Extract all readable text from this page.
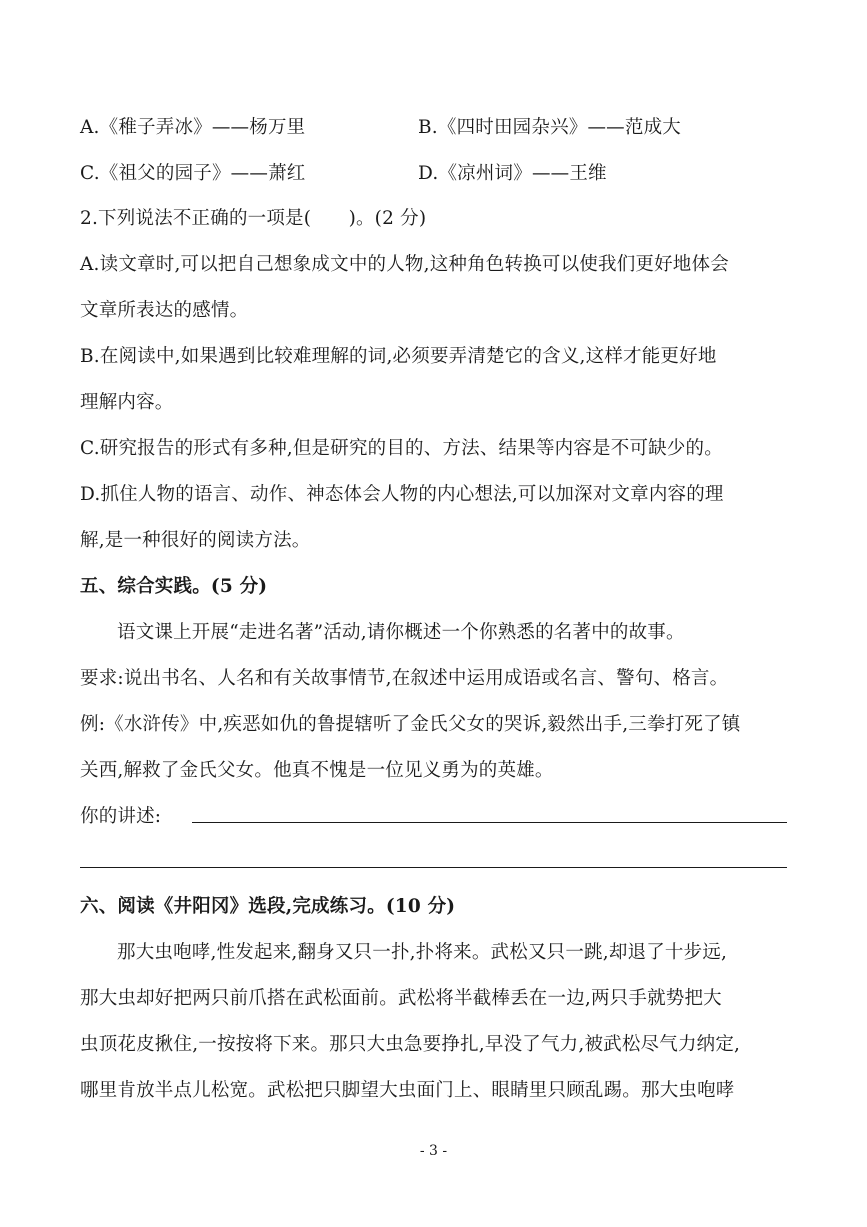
A.《稚子弄冰》——杨万里	B.《四时田园杂兴》——范成大
C.《祖父的园子》——萧红	D.《凉州词》——王维
2.下列说法不正确的一项是(　　)。(2 分)
A.读文章时,可以把自己想象成文中的人物,这种角色转换可以使我们更好地体会
文章所表达的感情。
B.在阅读中,如果遇到比较难理解的词,必须要弄清楚它的含义,这样才能更好地
理解内容。
C.研究报告的形式有多种,但是研究的目的、方法、结果等内容是不可缺少的。
D.抓住人物的语言、动作、神态体会人物的内心想法,可以加深对文章内容的理
解,是一种很好的阅读方法。
五、综合实践。(5 分)
语文课上开展“走进名著”活动,请你概述一个你熟悉的名著中的故事。
要求:说出书名、人名和有关故事情节,在叙述中运用成语或名言、警句、格言。
例:《水浒传》中,疾恶如仇的鲁提辖听了金氏父女的哭诉,毅然出手,三拳打死了镇
关西,解救了金氏父女。他真不愧是一位见义勇为的英雄。
你的讲述:
六、阅读《井阳冈》选段,完成练习。(10 分)
那大虫咆哮,性发起来,翻身又只一扑,扑将来。武松又只一跳,却退了十步远,
那大虫却好把两只前爪搭在武松面前。武松将半截棒丢在一边,两只手就势把大
虫顶花皮揪住,一按按将下来。那只大虫急要挣扎,早没了气力,被武松尽气力纳定,
哪里肯放半点儿松宽。武松把只脚望大虫面门上、眼睛里只顾乱踢。那大虫咆哮
- 3 -
